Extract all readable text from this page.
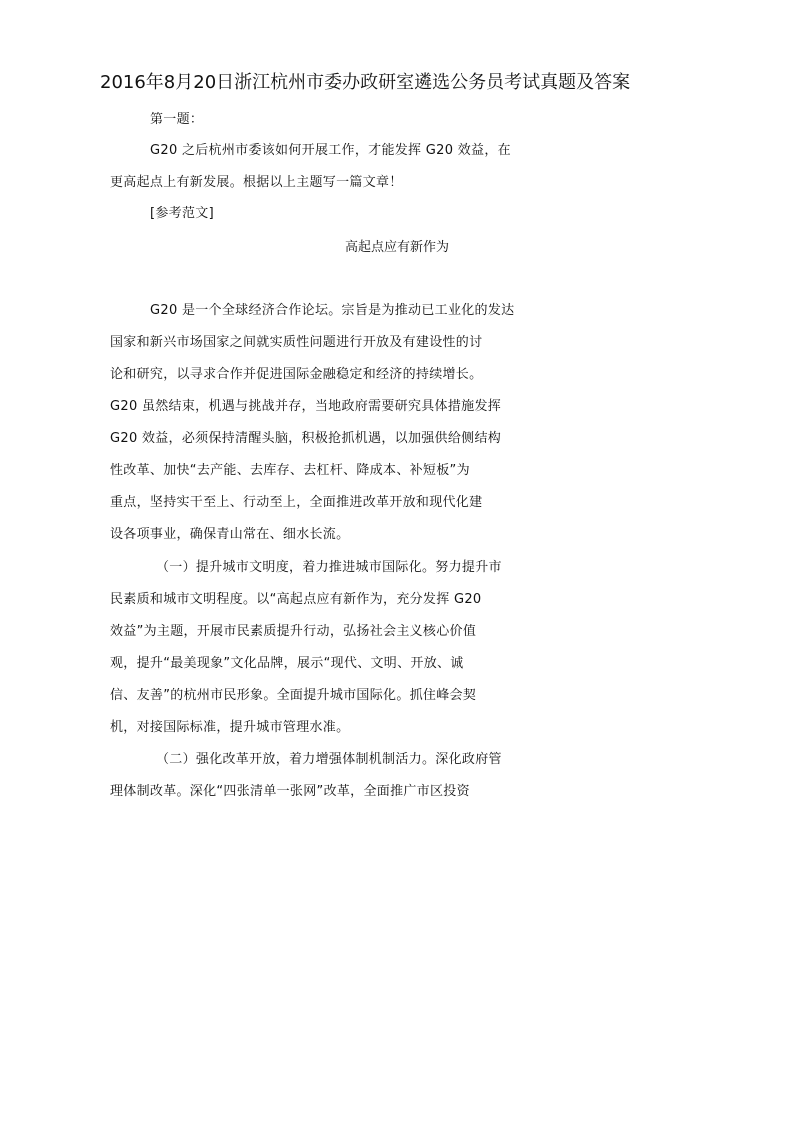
2016年8月20日浙江杭州市委办政研室遴选公务员考试真题及答案
第一题：
G20 之后杭州市委该如何开展工作，才能发挥 G20 效益，在
更高起点上有新发展。根据以上主题写一篇文章！
[参考范文]
高起点应有新作为
G20 是一个全球经济合作论坛。宗旨是为推动已工业化的发达
国家和新兴市场国家之间就实质性问题进行开放及有建设性的讨
论和研究，以寻求合作并促进国际金融稳定和经济的持续增长。
G20 虽然结束，机遇与挑战并存，当地政府需要研究具体措施发挥
G20 效益，必须保持清醒头脑，积极抢抓机遇，以加强供给侧结构
性改革、加快“去产能、去库存、去杠杆、降成本、补短板”为
重点，坚持实干至上、行动至上，全面推进改革开放和现代化建
设各项事业，确保青山常在、细水长流。
（一）提升城市文明度，着力推进城市国际化。努力提升市
民素质和城市文明程度。以“高起点应有新作为，充分发挥 G20
效益”为主题，开展市民素质提升行动，弘扬社会主义核心价值
观，提升“最美现象”文化品牌，展示“现代、文明、开放、诚
信、友善”的杭州市民形象。全面提升城市国际化。抓住峰会契
机，对接国际标准，提升城市管理水准。
（二）强化改革开放，着力增强体制机制活力。深化政府管
理体制改革。深化“四张清单一张网”改革，全面推广市区投资
